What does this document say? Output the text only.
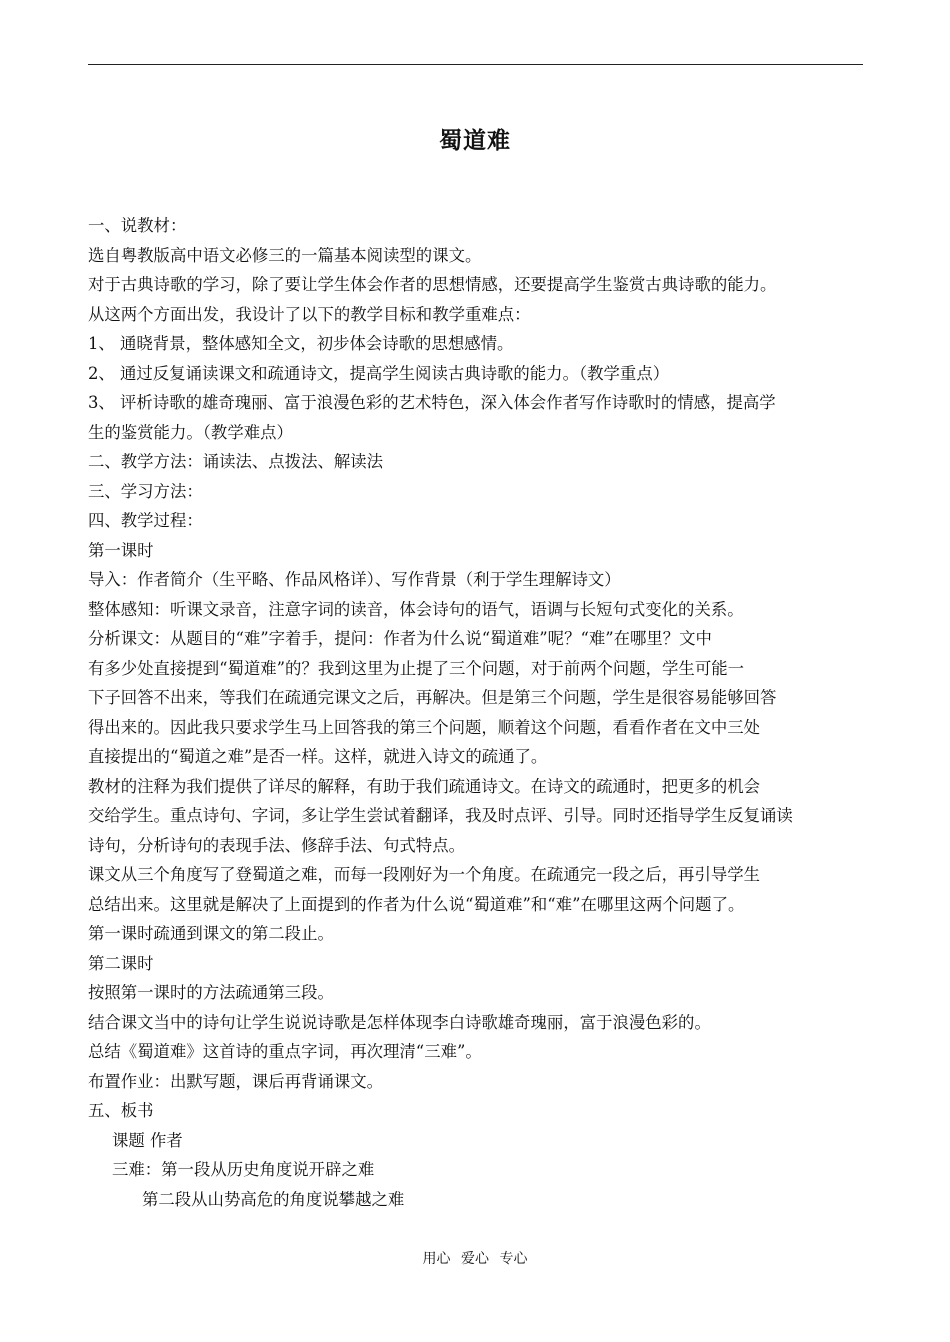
蜀道难
一、说教材：
选自粤教版高中语文必修三的一篇基本阅读型的课文。
对于古典诗歌的学习，除了要让学生体会作者的思想情感，还要提高学生鉴赏古典诗歌的能力。
从这两个方面出发，我设计了以下的教学目标和教学重难点：
1、 通晓背景，整体感知全文，初步体会诗歌的思想感情。
2、 通过反复诵读课文和疏通诗文，提高学生阅读古典诗歌的能力。（教学重点）
3、 评析诗歌的雄奇瑰丽、富于浪漫色彩的艺术特色，深入体会作者写作诗歌时的情感，提高学
生的鉴赏能力。（教学难点）
二、教学方法：诵读法、点拨法、解读法
三、学习方法：
四、教学过程：
第一课时
导入：作者简介（生平略、作品风格详）、写作背景（利于学生理解诗文）
整体感知：听课文录音，注意字词的读音，体会诗句的语气，语调与长短句式变化的关系。
分析课文：从题目的“难”字着手，提问：作者为什么说“蜀道难”呢？“难”在哪里？文中
有多少处直接提到“蜀道难”的？我到这里为止提了三个问题，对于前两个问题，学生可能一
下子回答不出来，等我们在疏通完课文之后，再解决。但是第三个问题，学生是很容易能够回答
得出来的。因此我只要求学生马上回答我的第三个问题，顺着这个问题，看看作者在文中三处
直接提出的“蜀道之难”是否一样。这样，就进入诗文的疏通了。
教材的注释为我们提供了详尽的解释，有助于我们疏通诗文。在诗文的疏通时，把更多的机会
交给学生。重点诗句、字词，多让学生尝试着翻译，我及时点评、引导。同时还指导学生反复诵读
诗句，分析诗句的表现手法、修辞手法、句式特点。
课文从三个角度写了登蜀道之难，而每一段刚好为一个角度。在疏通完一段之后，再引导学生
总结出来。这里就是解决了上面提到的作者为什么说“蜀道难”和“难”在哪里这两个问题了。
第一课时疏通到课文的第二段止。
第二课时
按照第一课时的方法疏通第三段。
结合课文当中的诗句让学生说说诗歌是怎样体现李白诗歌雄奇瑰丽，富于浪漫色彩的。
总结《蜀道难》这首诗的重点字词，再次理清“三难”。
布置作业：出默写题，课后再背诵课文。
五、板书
课题 作者
三难：第一段从历史角度说开辟之难
第二段从山势高危的角度说攀越之难
用心 爱心 专心
